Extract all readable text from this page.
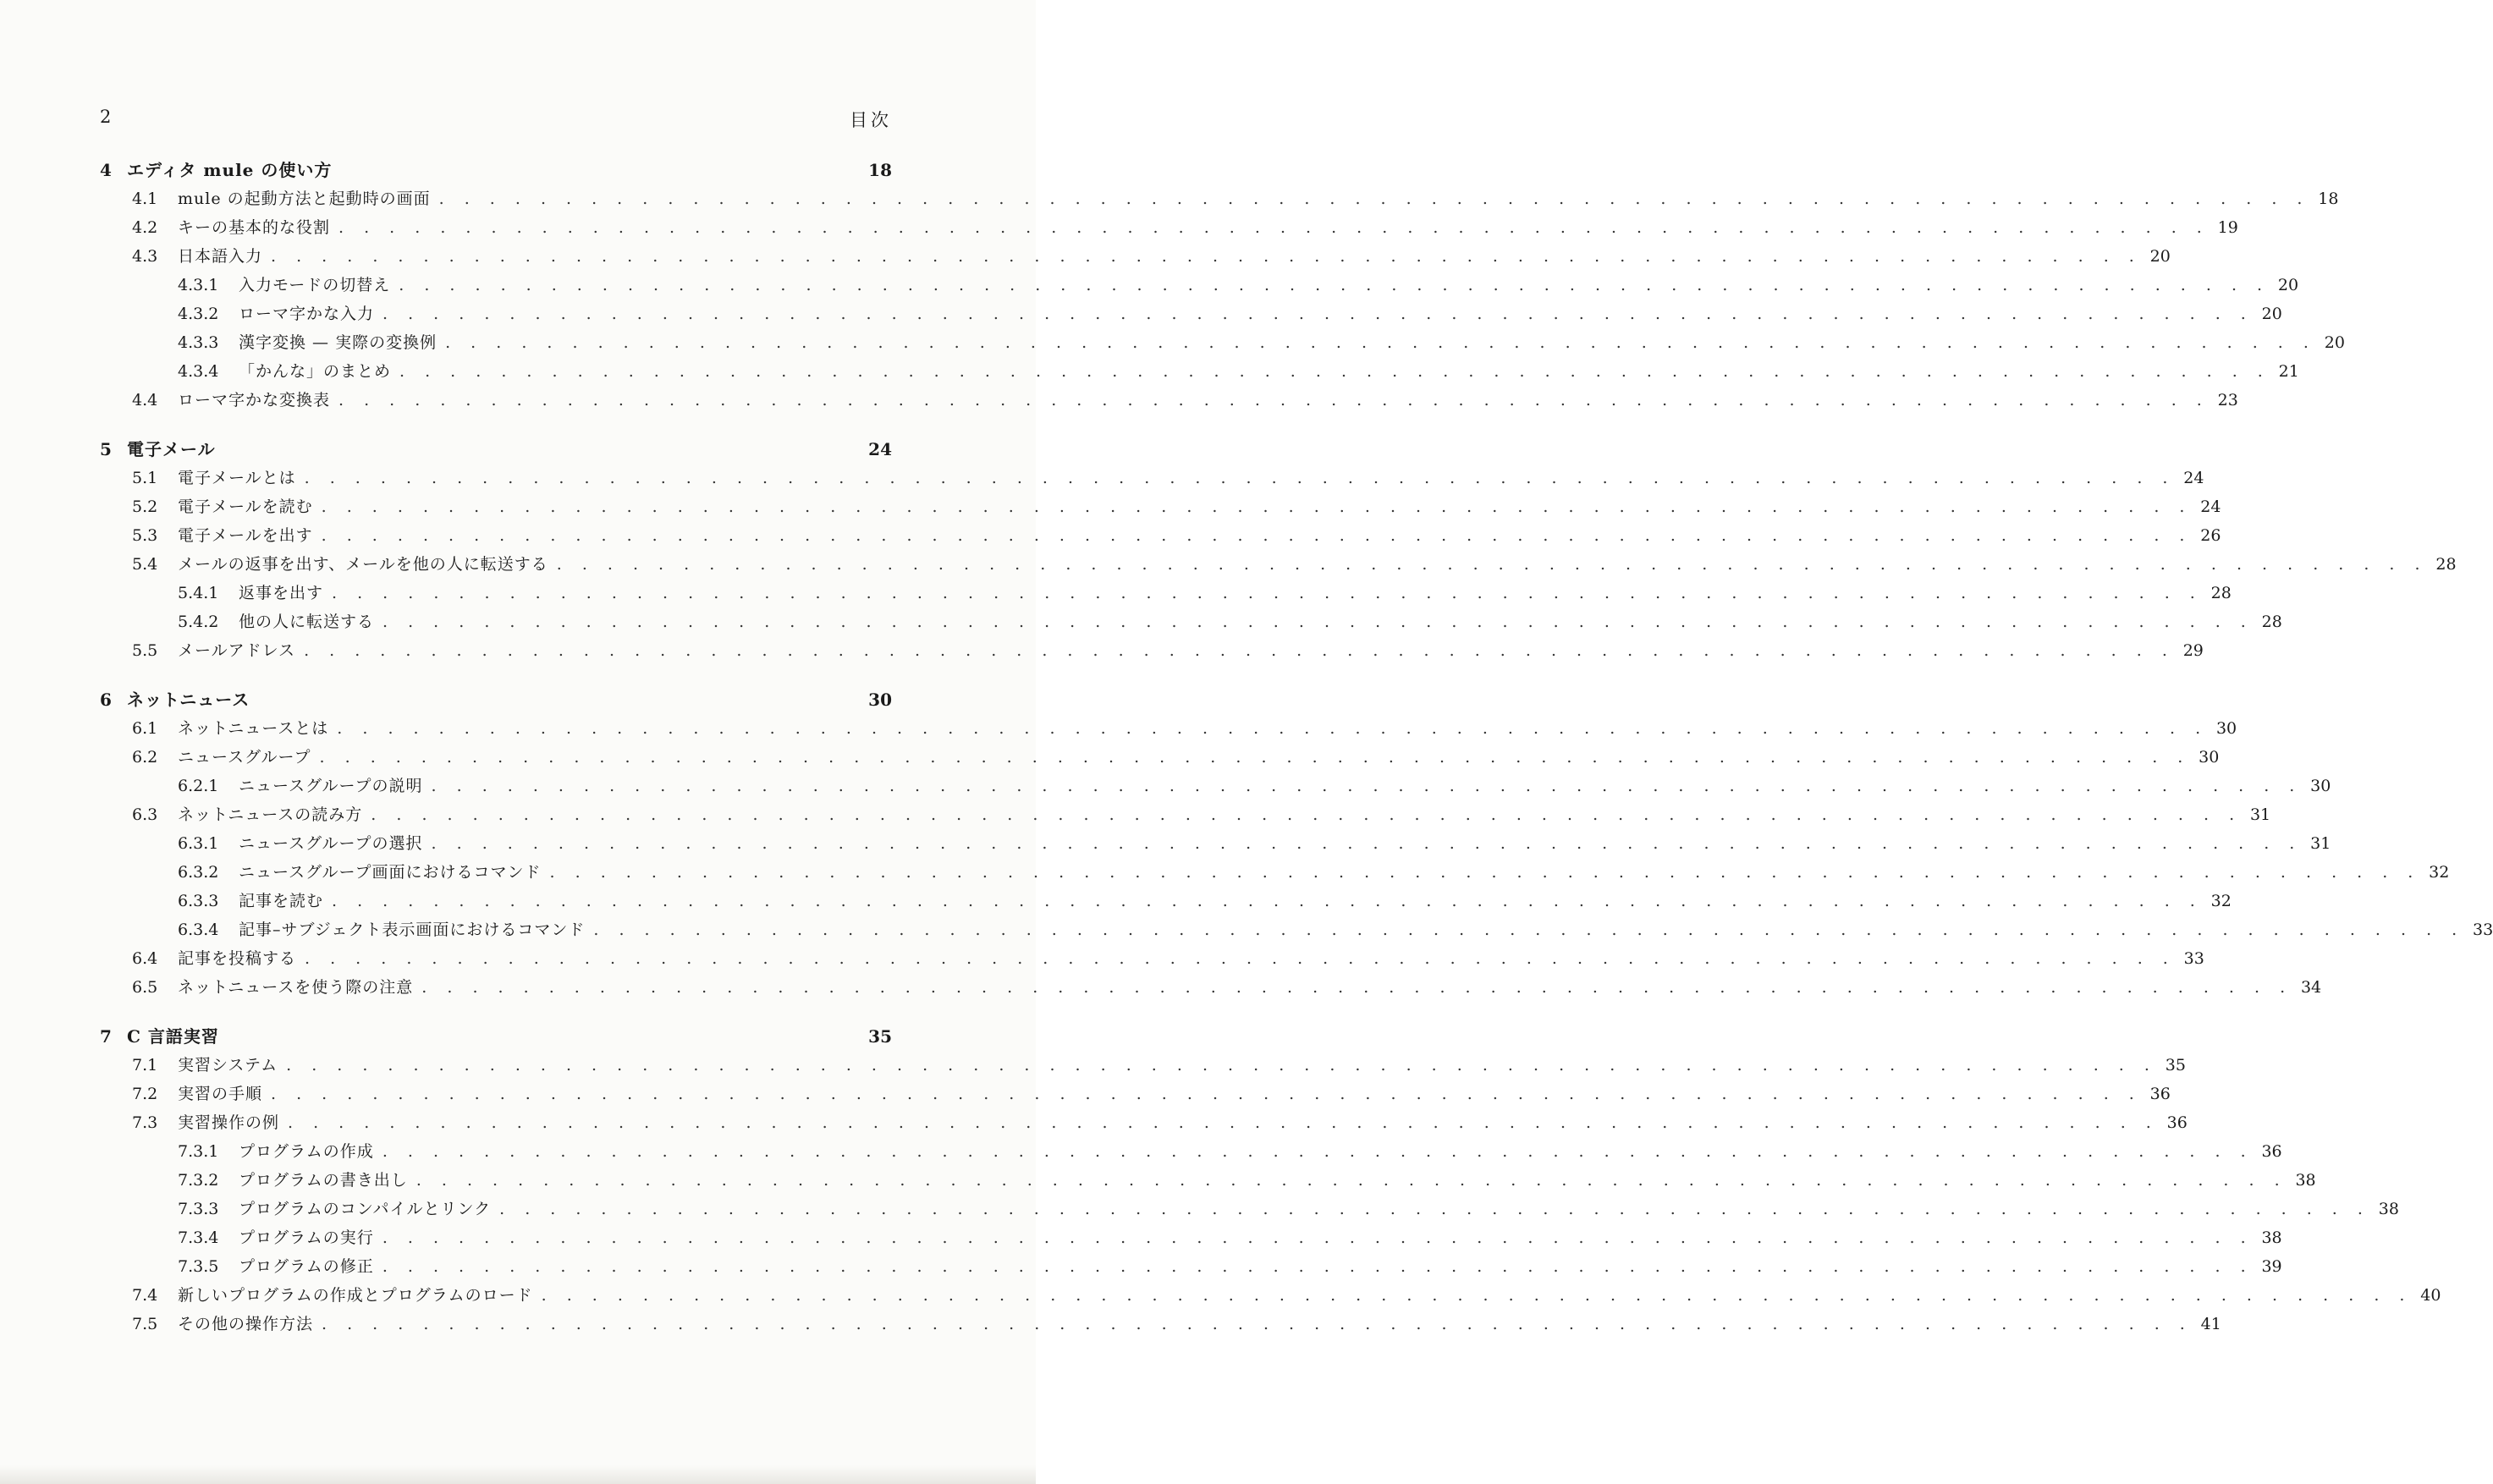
2	目次
4 エディタ mule の使い方	18
4.1	mule の起動方法と起動時の画面 . . . . . . . . . . . . . . . . . . . . . . . . . . . . . . . . . . . . . . . . . . . . . . . . . . . . . . . . . . . . . . . . . . . . . . . . . . 18
4.2	キーの基本的な役割 . . . . . . . . . . . . . . . . . . . . . . . . . . . . . . . . . . . . . . . . . . . . . . . . . . . . . . . . . . . . . . . . . . . . . . . . . . 19
4.3	日本語入力 . . . . . . . . . . . . . . . . . . . . . . . . . . . . . . . . . . . . . . . . . . . . . . . . . . . . . . . . . . . . . . . . . . . . . . . . . . 20
4.3.1	入力モードの切替え . . . . . . . . . . . . . . . . . . . . . . . . . . . . . . . . . . . . . . . . . . . . . . . . . . . . . . . . . . . . . . . . . . . . . . . . . . 20
4.3.2	ローマ字かな入力 . . . . . . . . . . . . . . . . . . . . . . . . . . . . . . . . . . . . . . . . . . . . . . . . . . . . . . . . . . . . . . . . . . . . . . . . . . 20
4.3.3	漢字変換 — 実際の変換例 . . . . . . . . . . . . . . . . . . . . . . . . . . . . . . . . . . . . . . . . . . . . . . . . . . . . . . . . . . . . . . . . . . . . . . . . . . 20
4.3.4	「かんな」のまとめ . . . . . . . . . . . . . . . . . . . . . . . . . . . . . . . . . . . . . . . . . . . . . . . . . . . . . . . . . . . . . . . . . . . . . . . . . . 21
4.4	ローマ字かな変換表 . . . . . . . . . . . . . . . . . . . . . . . . . . . . . . . . . . . . . . . . . . . . . . . . . . . . . . . . . . . . . . . . . . . . . . . . . . 23
5 電子メール	24
5.1	電子メールとは . . . . . . . . . . . . . . . . . . . . . . . . . . . . . . . . . . . . . . . . . . . . . . . . . . . . . . . . . . . . . . . . . . . . . . . . . . 24
5.2	電子メールを読む . . . . . . . . . . . . . . . . . . . . . . . . . . . . . . . . . . . . . . . . . . . . . . . . . . . . . . . . . . . . . . . . . . . . . . . . . . 24
5.3	電子メールを出す . . . . . . . . . . . . . . . . . . . . . . . . . . . . . . . . . . . . . . . . . . . . . . . . . . . . . . . . . . . . . . . . . . . . . . . . . . 26
5.4	メールの返事を出す、メールを他の人に転送する . . . . . . . . . . . . . . . . . . . . . . . . . . . . . . . . . . . . . . . . . . . . . . . . . . . . . . . . . . . . . . . . . . . . . . . . . . 28
5.4.1	返事を出す . . . . . . . . . . . . . . . . . . . . . . . . . . . . . . . . . . . . . . . . . . . . . . . . . . . . . . . . . . . . . . . . . . . . . . . . . . 28
5.4.2	他の人に転送する . . . . . . . . . . . . . . . . . . . . . . . . . . . . . . . . . . . . . . . . . . . . . . . . . . . . . . . . . . . . . . . . . . . . . . . . . . 28
5.5	メールアドレス . . . . . . . . . . . . . . . . . . . . . . . . . . . . . . . . . . . . . . . . . . . . . . . . . . . . . . . . . . . . . . . . . . . . . . . . . . 29
6 ネットニュース	30
6.1	ネットニュースとは . . . . . . . . . . . . . . . . . . . . . . . . . . . . . . . . . . . . . . . . . . . . . . . . . . . . . . . . . . . . . . . . . . . . . . . . . . 30
6.2	ニュースグループ . . . . . . . . . . . . . . . . . . . . . . . . . . . . . . . . . . . . . . . . . . . . . . . . . . . . . . . . . . . . . . . . . . . . . . . . . . 30
6.2.1	ニュースグループの説明 . . . . . . . . . . . . . . . . . . . . . . . . . . . . . . . . . . . . . . . . . . . . . . . . . . . . . . . . . . . . . . . . . . . . . . . . . . 30
6.3	ネットニュースの読み方 . . . . . . . . . . . . . . . . . . . . . . . . . . . . . . . . . . . . . . . . . . . . . . . . . . . . . . . . . . . . . . . . . . . . . . . . . . 31
6.3.1	ニュースグループの選択 . . . . . . . . . . . . . . . . . . . . . . . . . . . . . . . . . . . . . . . . . . . . . . . . . . . . . . . . . . . . . . . . . . . . . . . . . . 31
6.3.2	ニュースグループ画面におけるコマンド . . . . . . . . . . . . . . . . . . . . . . . . . . . . . . . . . . . . . . . . . . . . . . . . . . . . . . . . . . . . . . . . . . . . . . . . . . 32
6.3.3	記事を読む . . . . . . . . . . . . . . . . . . . . . . . . . . . . . . . . . . . . . . . . . . . . . . . . . . . . . . . . . . . . . . . . . . . . . . . . . . 32
6.3.4	記事–サブジェクト表示画面におけるコマンド . . . . . . . . . . . . . . . . . . . . . . . . . . . . . . . . . . . . . . . . . . . . . . . . . . . . . . . . . . . . . . . . . . . . . . . . . . 33
6.4	記事を投稿する . . . . . . . . . . . . . . . . . . . . . . . . . . . . . . . . . . . . . . . . . . . . . . . . . . . . . . . . . . . . . . . . . . . . . . . . . . 33
6.5	ネットニュースを使う際の注意 . . . . . . . . . . . . . . . . . . . . . . . . . . . . . . . . . . . . . . . . . . . . . . . . . . . . . . . . . . . . . . . . . . . . . . . . . . 34
7 C 言語実習	35
7.1	実習システム . . . . . . . . . . . . . . . . . . . . . . . . . . . . . . . . . . . . . . . . . . . . . . . . . . . . . . . . . . . . . . . . . . . . . . . . . . 35
7.2	実習の手順 . . . . . . . . . . . . . . . . . . . . . . . . . . . . . . . . . . . . . . . . . . . . . . . . . . . . . . . . . . . . . . . . . . . . . . . . . . 36
7.3	実習操作の例 . . . . . . . . . . . . . . . . . . . . . . . . . . . . . . . . . . . . . . . . . . . . . . . . . . . . . . . . . . . . . . . . . . . . . . . . . . 36
7.3.1	プログラムの作成 . . . . . . . . . . . . . . . . . . . . . . . . . . . . . . . . . . . . . . . . . . . . . . . . . . . . . . . . . . . . . . . . . . . . . . . . . . 36
7.3.2	プログラムの書き出し . . . . . . . . . . . . . . . . . . . . . . . . . . . . . . . . . . . . . . . . . . . . . . . . . . . . . . . . . . . . . . . . . . . . . . . . . . 38
7.3.3	プログラムのコンパイルとリンク . . . . . . . . . . . . . . . . . . . . . . . . . . . . . . . . . . . . . . . . . . . . . . . . . . . . . . . . . . . . . . . . . . . . . . . . . . 38
7.3.4	プログラムの実行 . . . . . . . . . . . . . . . . . . . . . . . . . . . . . . . . . . . . . . . . . . . . . . . . . . . . . . . . . . . . . . . . . . . . . . . . . . 38
7.3.5	プログラムの修正 . . . . . . . . . . . . . . . . . . . . . . . . . . . . . . . . . . . . . . . . . . . . . . . . . . . . . . . . . . . . . . . . . . . . . . . . . . 39
7.4	新しいプログラムの作成とプログラムのロード . . . . . . . . . . . . . . . . . . . . . . . . . . . . . . . . . . . . . . . . . . . . . . . . . . . . . . . . . . . . . . . . . . . . . . . . . . 40
7.5	その他の操作方法 . . . . . . . . . . . . . . . . . . . . . . . . . . . . . . . . . . . . . . . . . . . . . . . . . . . . . . . . . . . . . . . . . . . . . . . . . . 41
